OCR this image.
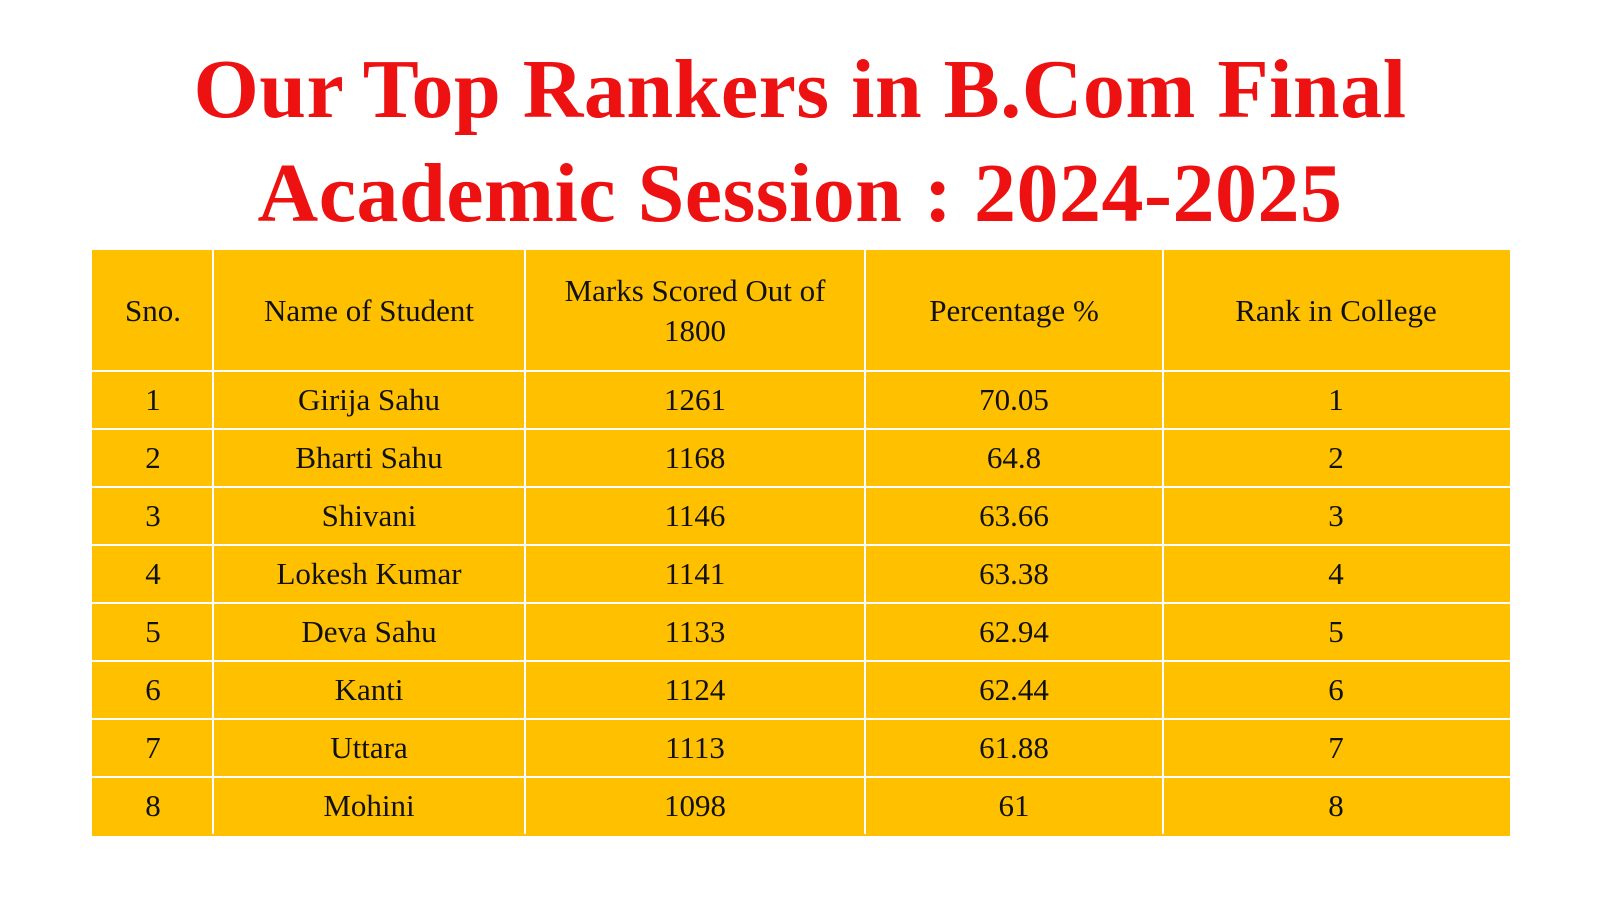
Our Top Rankers in B.Com Final
Academic Session : 2024-2025
Sno.	Name of Student	Marks Scored Out of 1800	Percentage %	Rank in College
1	Girija Sahu	1261	70.05	1
2	Bharti Sahu	1168	64.8	2
3	Shivani	1146	63.66	3
4	Lokesh Kumar	1141	63.38	4
5	Deva Sahu	1133	62.94	5
6	Kanti	1124	62.44	6
7	Uttara	1113	61.88	7
8	Mohini	1098	61	8
